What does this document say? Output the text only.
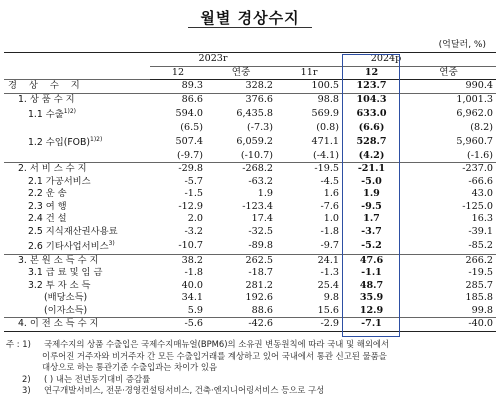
월별 경상수지
(억달러, %)
	2023r		2024p		
	12	연중	11r	12	연중
경 상 수 지	89.3	328.2	100.5	123.7	990.4
1. 상 품 수 지	86.6	376.6	98.8	104.3	1,001.3
1.1 수출$^{1)2)}$	594.0	6,435.8	569.9	633.0	6,962.0
	(6.5)	(-7.3)	(0.8)	(6.6)	(8.2)
1.2 수입(FOB)$^{1)2)}$	507.4	6,059.2	471.1	528.7	5,960.7
	(-9.7)	(-10.7)	(-4.1)	(4.2)	(-1.6)
2. 서 비 스 수 지	-29.8	-268.2	-19.5	-21.1	-237.0
2.1 가공서비스	-5.7	-63.2	-4.5	-5.0	-66.6
2.2 운 송	-1.5	1.9	1.6	1.9	43.0
2.3 여 행	-12.9	-123.4	-7.6	-9.5	-125.0
2.4 건 설	2.0	17.4	1.0	1.7	16.3
2.5 지식재산권사용료	-3.2	-32.5	-1.8	-3.7	-39.1
2.6 기타사업서비스$^{3)}$	-10.7	-89.8	-9.7	-5.2	-85.2
3. 본 원 소 득 수 지	38.2	262.5	24.1	47.6	266.2
3.1 급 료 및 임 금	-1.8	-18.7	-1.3	-1.1	-19.5
3.2 투 자 소 득	40.0	281.2	25.4	48.7	285.7
(배당소득)	34.1	192.6	9.8	35.9	185.8
(이자소득)	5.9	88.6	15.6	12.9	99.8
4. 이 전 소 득 수 지	-5.6	-42.6	-2.9	-7.1	-40.0
주 : 1)	국제수지의 상품 수출입은 국제수지매뉴얼(BPM6)의 소유권 변동원칙에 따라 국내 및 해외에서
이루어진 거주자와 비거주자 간 모든 수출입거래를 계상하고 있어 국내에서 통관 신고된 물품을
대상으로 하는 통관기준 수출입과는 차이가 있음
2)	( ) 내는 전년동기대비 증감률
3)	연구개발서비스, 전문·경영컨설팅서비스, 건축·엔지니어링서비스 등으로 구성
